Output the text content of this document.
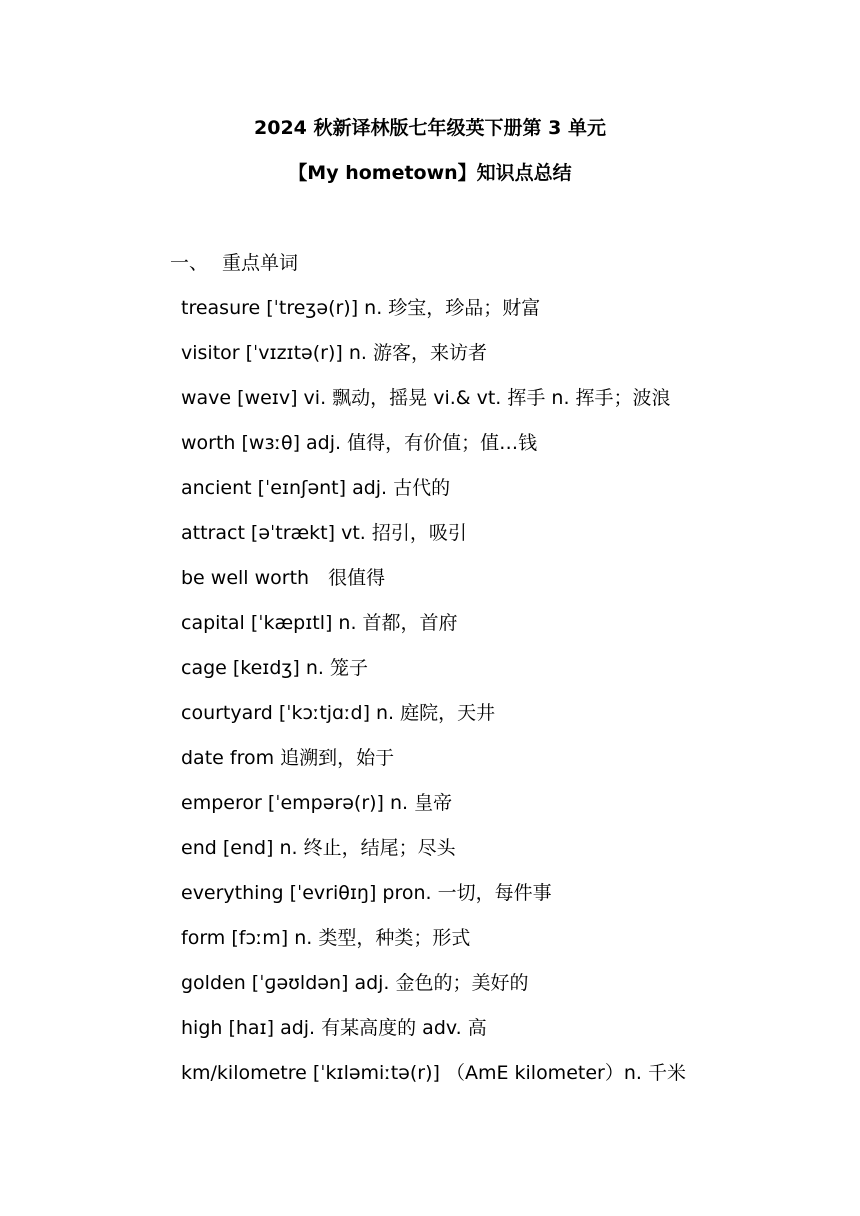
2024 秋新译林版七年级英下册第 3 单元
【My hometown】知识点总结
一、 重点单词
treasure [ˈtreʒə(r)] n. 珍宝，珍品；财富
visitor [ˈvɪzɪtə(r)] n. 游客，来访者
wave [weɪv] vi. 飘动，摇晃 vi.& vt. 挥手 n. 挥手；波浪
worth [wɜːθ] adj. 值得，有价值；值…钱
ancient [ˈeɪnʃənt] adj. 古代的
attract [əˈtrækt] vt. 招引，吸引
be well worth　很值得
capital [ˈkæpɪtl] n. 首都，首府
cage [keɪdʒ] n. 笼子
courtyard [ˈkɔːtjɑːd] n. 庭院，天井
date from 追溯到，始于
emperor [ˈempərə(r)] n. 皇帝
end [end] n. 终止，结尾；尽头
everything [ˈevriθɪŋ] pron. 一切，每件事
form [fɔːm] n. 类型，种类；形式
golden [ˈɡəʊldən] adj. 金色的；美好的
high [haɪ] adj. 有某高度的 adv. 高
km/kilometre [ˈkɪləmiːtə(r)] （AmE kilometer）n. 千米
